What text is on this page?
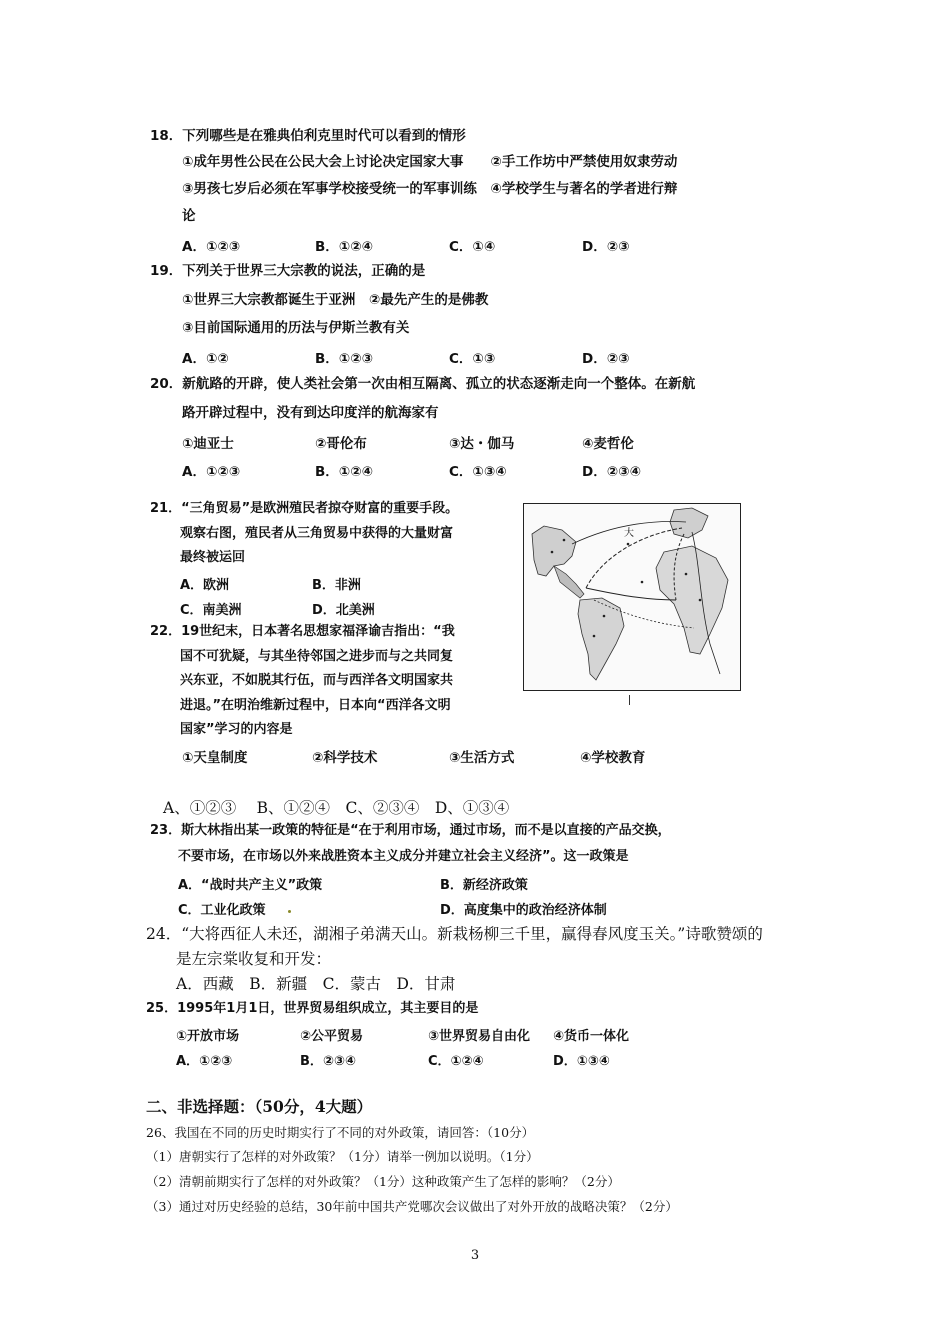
18．下列哪些是在雅典伯利克里时代可以看到的情形
①成年男性公民在公民大会上讨论决定国家大事　　②手工作坊中严禁使用奴隶劳动
③男孩七岁后必须在军事学校接受统一的军事训练　④学校学生与著名的学者进行辩
论
A．①②③	B．①②④	C．①④	D．②③
19．下列关于世界三大宗教的说法，正确的是
①世界三大宗教都诞生于亚洲　②最先产生的是佛教
③目前国际通用的历法与伊斯兰教有关
A．①②	B．①②③	C．①③	D．②③
20．新航路的开辟，使人类社会第一次由相互隔离、孤立的状态逐渐走向一个整体。在新航
路开辟过程中，没有到达印度洋的航海家有
①迪亚士	②哥伦布	③达・伽马	④麦哲伦
A．①②③	B．①②④	C．①③④	D．②③④
21．“三角贸易”是欧洲殖民者掠夺财富的重要手段。
观察右图，殖民者从三角贸易中获得的大量财富
最终被运回
A．欧洲	B．非洲
C．南美洲	D．北美洲
大
22．19世纪末，日本著名思想家福泽谕吉指出：“我
国不可犹疑，与其坐待邻国之进步而与之共同复
兴东亚，不如脱其行伍，而与西洋各文明国家共
进退。”在明治维新过程中，日本向“西洋各文明
国家”学习的内容是
①天皇制度	②科学技术	③生活方式	④学校教育
A、①②③　 B、①②④　C、②③④　D、①③④
23．斯大林指出某一政策的特征是“在于利用市场，通过市场，而不是以直接的产品交换，
不要市场，在市场以外来战胜资本主义成分并建立社会主义经济”。这一政策是
A．“战时共产主义”政策	B．新经济政策
C．工业化政策	D．高度集中的政治经济体制
24．“大将西征人未还，湖湘子弟满天山。新栽杨柳三千里，赢得春风度玉关。”诗歌赞颂的
是左宗棠收复和开发：
A．西藏　B．新疆　C．蒙古　D．甘肃
25．1995年1月1日，世界贸易组织成立，其主要目的是
①开放市场	②公平贸易	③世界贸易自由化 ④货币一体化
A．①②③	B．②③④	C．①②④	D．①③④
二、非选择题：（50分，4大题）
26、我国在不同的历史时期实行了不同的对外政策，请回答：（10分）
（1）唐朝实行了怎样的对外政策？（1分）请举一例加以说明。（1分）
（2）清朝前期实行了怎样的对外政策？（1分）这种政策产生了怎样的影响？（2分）
（3）通过对历史经验的总结，30年前中国共产党哪次会议做出了对外开放的战略决策？（2分）
3
